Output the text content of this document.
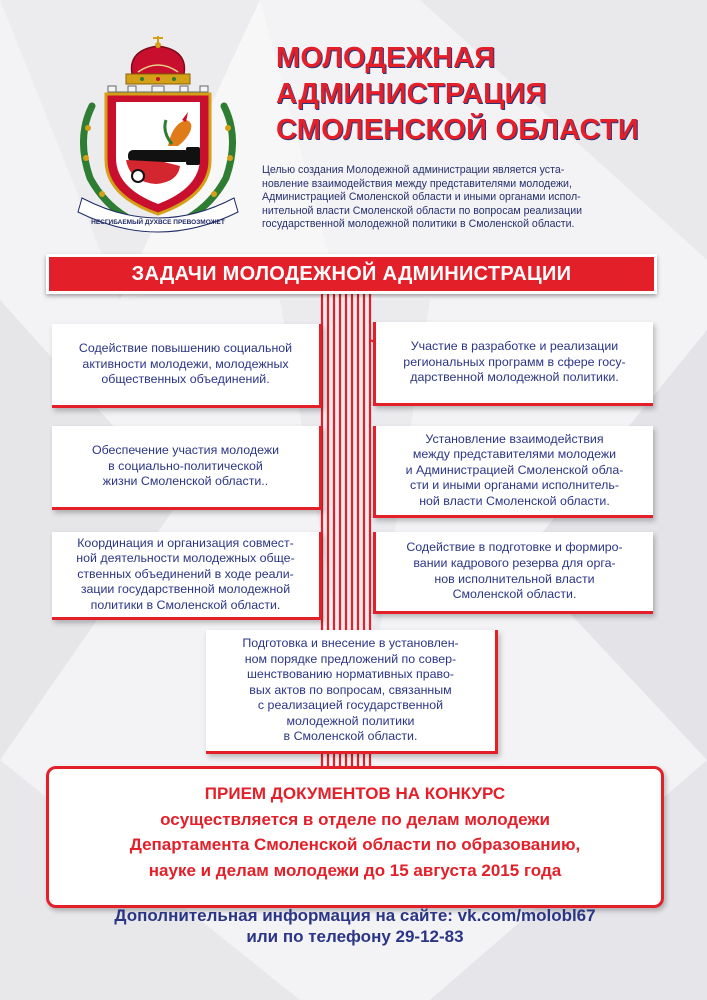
НЕСГИБАЕМЫЙ ДУХВСЕ ПРЕВОЗМОЖЕТ
МОЛОДЕЖНАЯ
АДМИНИСТРАЦИЯ
СМОЛЕНСКОЙ ОБЛАСТИ
Целью создания Молодежной администрации является уста-
новление взаимодействия между представителями молодежи,
Администрацией Смоленской области и иными органами испол-
нительной власти Смоленской области по вопросам реализации
государственной молодежной политики в Смоленской области.
ЗАДАЧИ МОЛОДЕЖНОЙ АДМИНИСТРАЦИИ
Содействие повышению социальной
активности молодежи, молодежных
общественных объединений.
Участие в разработке и реализации
региональных программ в сфере госу-
дарственной молодежной политики.
Обеспечение участия молодежи
в социально-политической
жизни Смоленской области..
Установление взаимодействия
между представителями молодежи
и Администрацией Смоленской обла-
сти и иными органами исполнитель-
ной власти Смоленской области.
Координация и организация совмест-
ной деятельности молодежных обще-
ственных объединений в ходе реали-
зации государственной молодежной
политики в Смоленской области.
Содействие в подготовке и формиро-
вании кадрового резерва для орга-
нов исполнительной власти
Смоленской области.
Подготовка и внесение в установлен-
ном порядке предложений по совер-
шенствованию нормативных право-
вых актов по вопросам, связанным
с реализацией государственной
молодежной политики
в Смоленской области.
ПРИЕМ ДОКУМЕНТОВ НА КОНКУРС
осуществляется в отделе по делам молодежи
Департамента Смоленской области по образованию,
науке и делам молодежи до 15 августа 2015 года
Дополнительная информация на сайте: vk.com/molobl67
или по телефону 29-12-83
